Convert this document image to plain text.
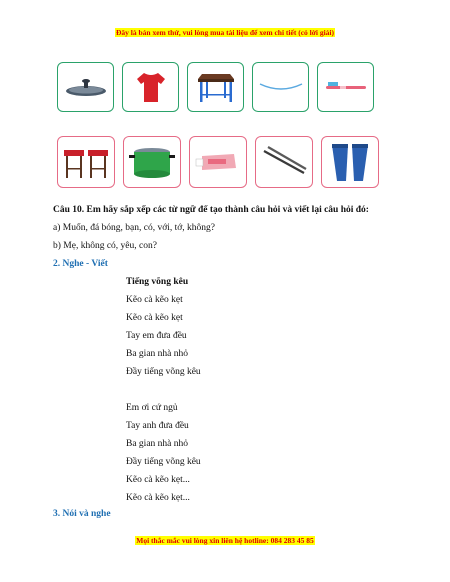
Đây là bản xem thử, vui lòng mua tài liệu để xem chi tiết (có lời giải)
Câu 10. Em hãy sắp xếp các từ ngữ để tạo thành câu hỏi và viết lại câu hỏi đó:
a) Muốn, đá bóng, bạn, có, với, tớ, không?
b) Mẹ, không có, yêu, con?
2. Nghe - Viết
Tiếng võng kêu
Kẽo cà kẽo kẹt
Kẽo cà kẽo kẹt
Tay em đưa đều
Ba gian nhà nhỏ
Đầy tiếng võng kêu
Em ơi cứ ngủ
Tay anh đưa đều
Ba gian nhà nhỏ
Đầy tiếng võng kêu
Kẽo cà kẽo kẹt...
Kẽo cà kẽo kẹt...
3. Nói và nghe
Mọi thắc mắc vui lòng xin liên hệ hotline: 084 283 45 85
